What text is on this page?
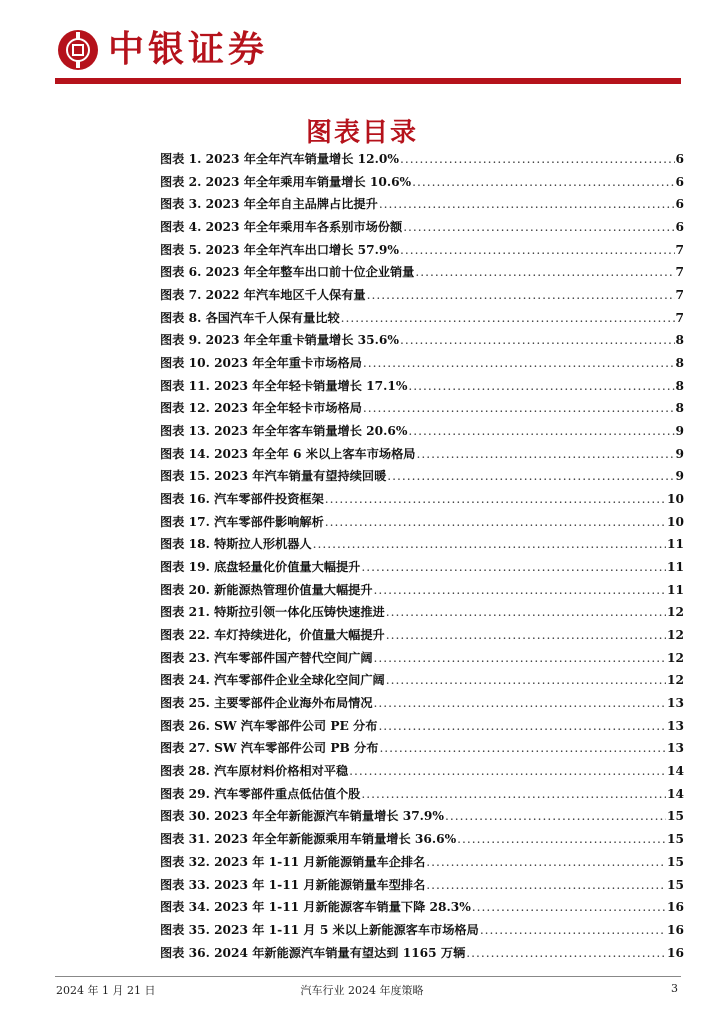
中银证券
图表目录
图表 1. 2023 年全年汽车销量增长 12.0% .....	6
图表 2. 2023 年全年乘用车销量增长 10.6% .....	6
图表 3. 2023 年全年自主品牌占比提升 .....	6
图表 4. 2023 年全年乘用车各系别市场份额 .....	6
图表 5. 2023 年全年汽车出口增长 57.9% .....	7
图表 6. 2023 年全年整车出口前十位企业销量 .....	7
图表 7. 2022 年汽车地区千人保有量 .....	7
图表 8. 各国汽车千人保有量比较 .....	7
图表 9. 2023 年全年重卡销量增长 35.6% .....	8
图表 10. 2023 年全年重卡市场格局 .....	8
图表 11. 2023 年全年轻卡销量增长 17.1% .....	8
图表 12. 2023 年全年轻卡市场格局 .....	8
图表 13. 2023 年全年客车销量增长 20.6% .....	9
图表 14. 2023 年全年 6 米以上客车市场格局 .....	9
图表 15. 2023 年汽车销量有望持续回暖 .....	9
图表 16. 汽车零部件投资框架 .....	10
图表 17. 汽车零部件影响解析 .....	10
图表 18. 特斯拉人形机器人 .....	11
图表 19. 底盘轻量化价值量大幅提升 .....	11
图表 20. 新能源热管理价值量大幅提升 .....	11
图表 21. 特斯拉引领一体化压铸快速推进 .....	12
图表 22. 车灯持续进化，价值量大幅提升 .....	12
图表 23. 汽车零部件国产替代空间广阔 .....	12
图表 24. 汽车零部件企业全球化空间广阔 .....	12
图表 25. 主要零部件企业海外布局情况 .....	13
图表 26. SW 汽车零部件公司 PE 分布 .....	13
图表 27. SW 汽车零部件公司 PB 分布 .....	13
图表 28. 汽车原材料价格相对平稳 .....	14
图表 29. 汽车零部件重点低估值个股 .....	14
图表 30. 2023 年全年新能源汽车销量增长 37.9% .....	15
图表 31. 2023 年全年新能源乘用车销量增长 36.6% .....	15
图表 32. 2023 年 1-11 月新能源销量车企排名 .....	15
图表 33. 2023 年 1-11 月新能源销量车型排名 .....	15
图表 34. 2023 年 1-11 月新能源客车销量下降 28.3% .....	16
图表 35. 2023 年 1-11 月 5 米以上新能源客车市场格局 .....	16
图表 36. 2024 年新能源汽车销量有望达到 1165 万辆 .....	16
2024 年 1 月 21 日	汽车行业 2024 年度策略	3
